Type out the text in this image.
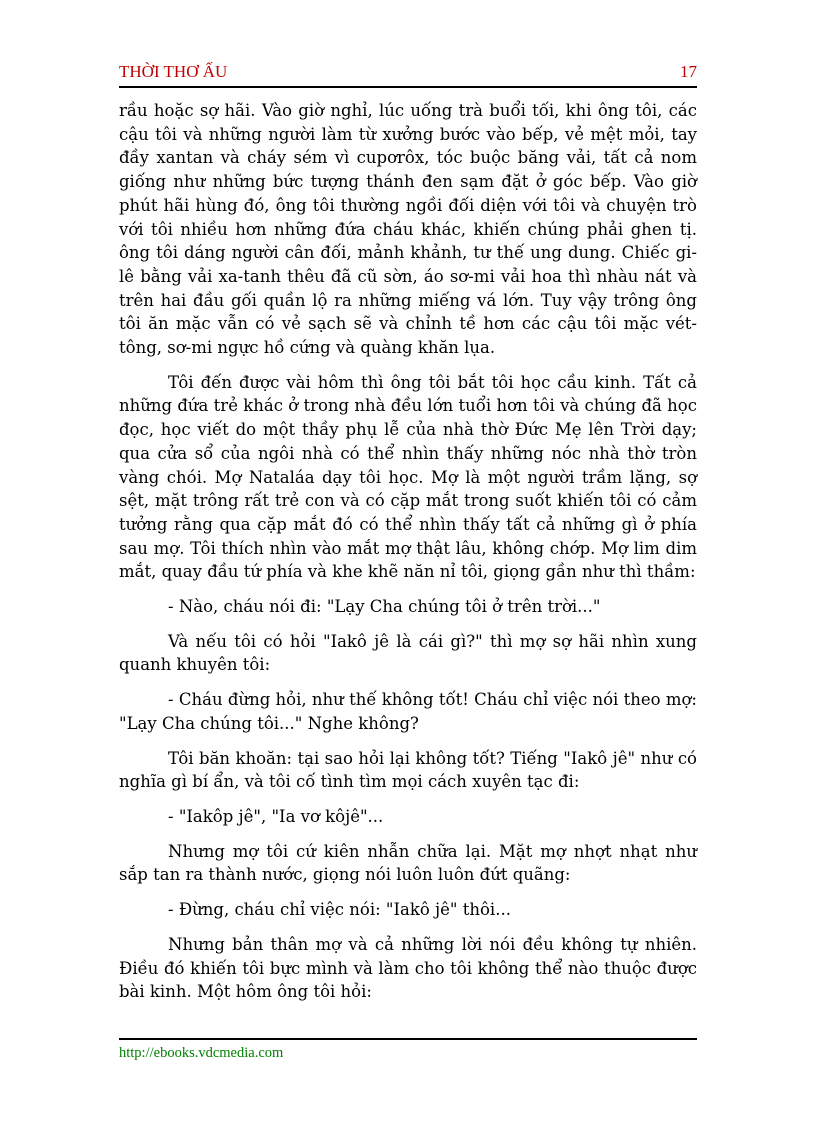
THỜI THƠ ẤU	17

rầu hoặc sợ hãi. Vào giờ nghỉ, lúc uống trà buổi tối, khi ông tôi, các cậu tôi và những người làm từ xưởng bước vào bếp, vẻ mệt mỏi, tay đầy xantan và cháy sém vì cupơrôx, tóc buộc băng vải, tất cả nom giống như những bức tượng thánh đen sạm đặt ở góc bếp. Vào giờ phút hãi hùng đó, ông tôi thường ngồi đối diện với tôi và chuyện trò với tôi nhiều hơn những đứa cháu khác, khiến chúng phải ghen tị. ông tôi dáng người cân đối, mảnh khảnh, tư thế ung dung. Chiếc gi-lê bằng vải xa-tanh thêu đã cũ sờn, áo sơ-mi vải hoa thì nhàu nát và trên hai đầu gối quần lộ ra những miếng vá lớn. Tuy vậy trông ông tôi ăn mặc vẫn có vẻ sạch sẽ và chỉnh tề hơn các cậu tôi mặc vét-tông, sơ-mi ngực hồ cứng và quàng khăn lụa.

Tôi đến được vài hôm thì ông tôi bắt tôi học cầu kinh. Tất cả những đứa trẻ khác ở trong nhà đều lớn tuổi hơn tôi và chúng đã học đọc, học viết do một thầy phụ lễ của nhà thờ Đức Mẹ lên Trời dạy; qua cửa sổ của ngôi nhà có thể nhìn thấy những nóc nhà thờ tròn vàng chói. Mợ Nataláa dạy tôi học. Mợ là một người trầm lặng, sợ sệt, mặt trông rất trẻ con và có cặp mắt trong suốt khiến tôi có cảm tưởng rằng qua cặp mắt đó có thể nhìn thấy tất cả những gì ở phía sau mợ. Tôi thích nhìn vào mắt mợ thật lâu, không chớp. Mợ lim dim mắt, quay đầu tứ phía và khe khẽ năn nỉ tôi, giọng gần như thì thầm:

- Nào, cháu nói đi: "Lạy Cha chúng tôi ở trên trời..."

Và nếu tôi có hỏi "Iakô jê là cái gì?" thì mợ sợ hãi nhìn xung quanh khuyên tôi:

- Cháu đừng hỏi, như thế không tốt! Cháu chỉ việc nói theo mợ: "Lạy Cha chúng tôi..." Nghe không?

Tôi băn khoăn: tại sao hỏi lại không tốt? Tiếng "Iakô jê" như có nghĩa gì bí ẩn, và tôi cố tình tìm mọi cách xuyên tạc đi:

- "Iakôp jê", "Ia vơ kôjê"...

Nhưng mợ tôi cứ kiên nhẫn chữa lại. Mặt mợ nhợt nhạt như sắp tan ra thành nước, giọng nói luôn luôn đứt quãng:

- Đừng, cháu chỉ việc nói: "Iakô jê" thôi...

Nhưng bản thân mợ và cả những lời nói đều không tự nhiên. Điều đó khiến tôi bực mình và làm cho tôi không thể nào thuộc được bài kinh. Một hôm ông tôi hỏi:

http://ebooks.vdcmedia.com
